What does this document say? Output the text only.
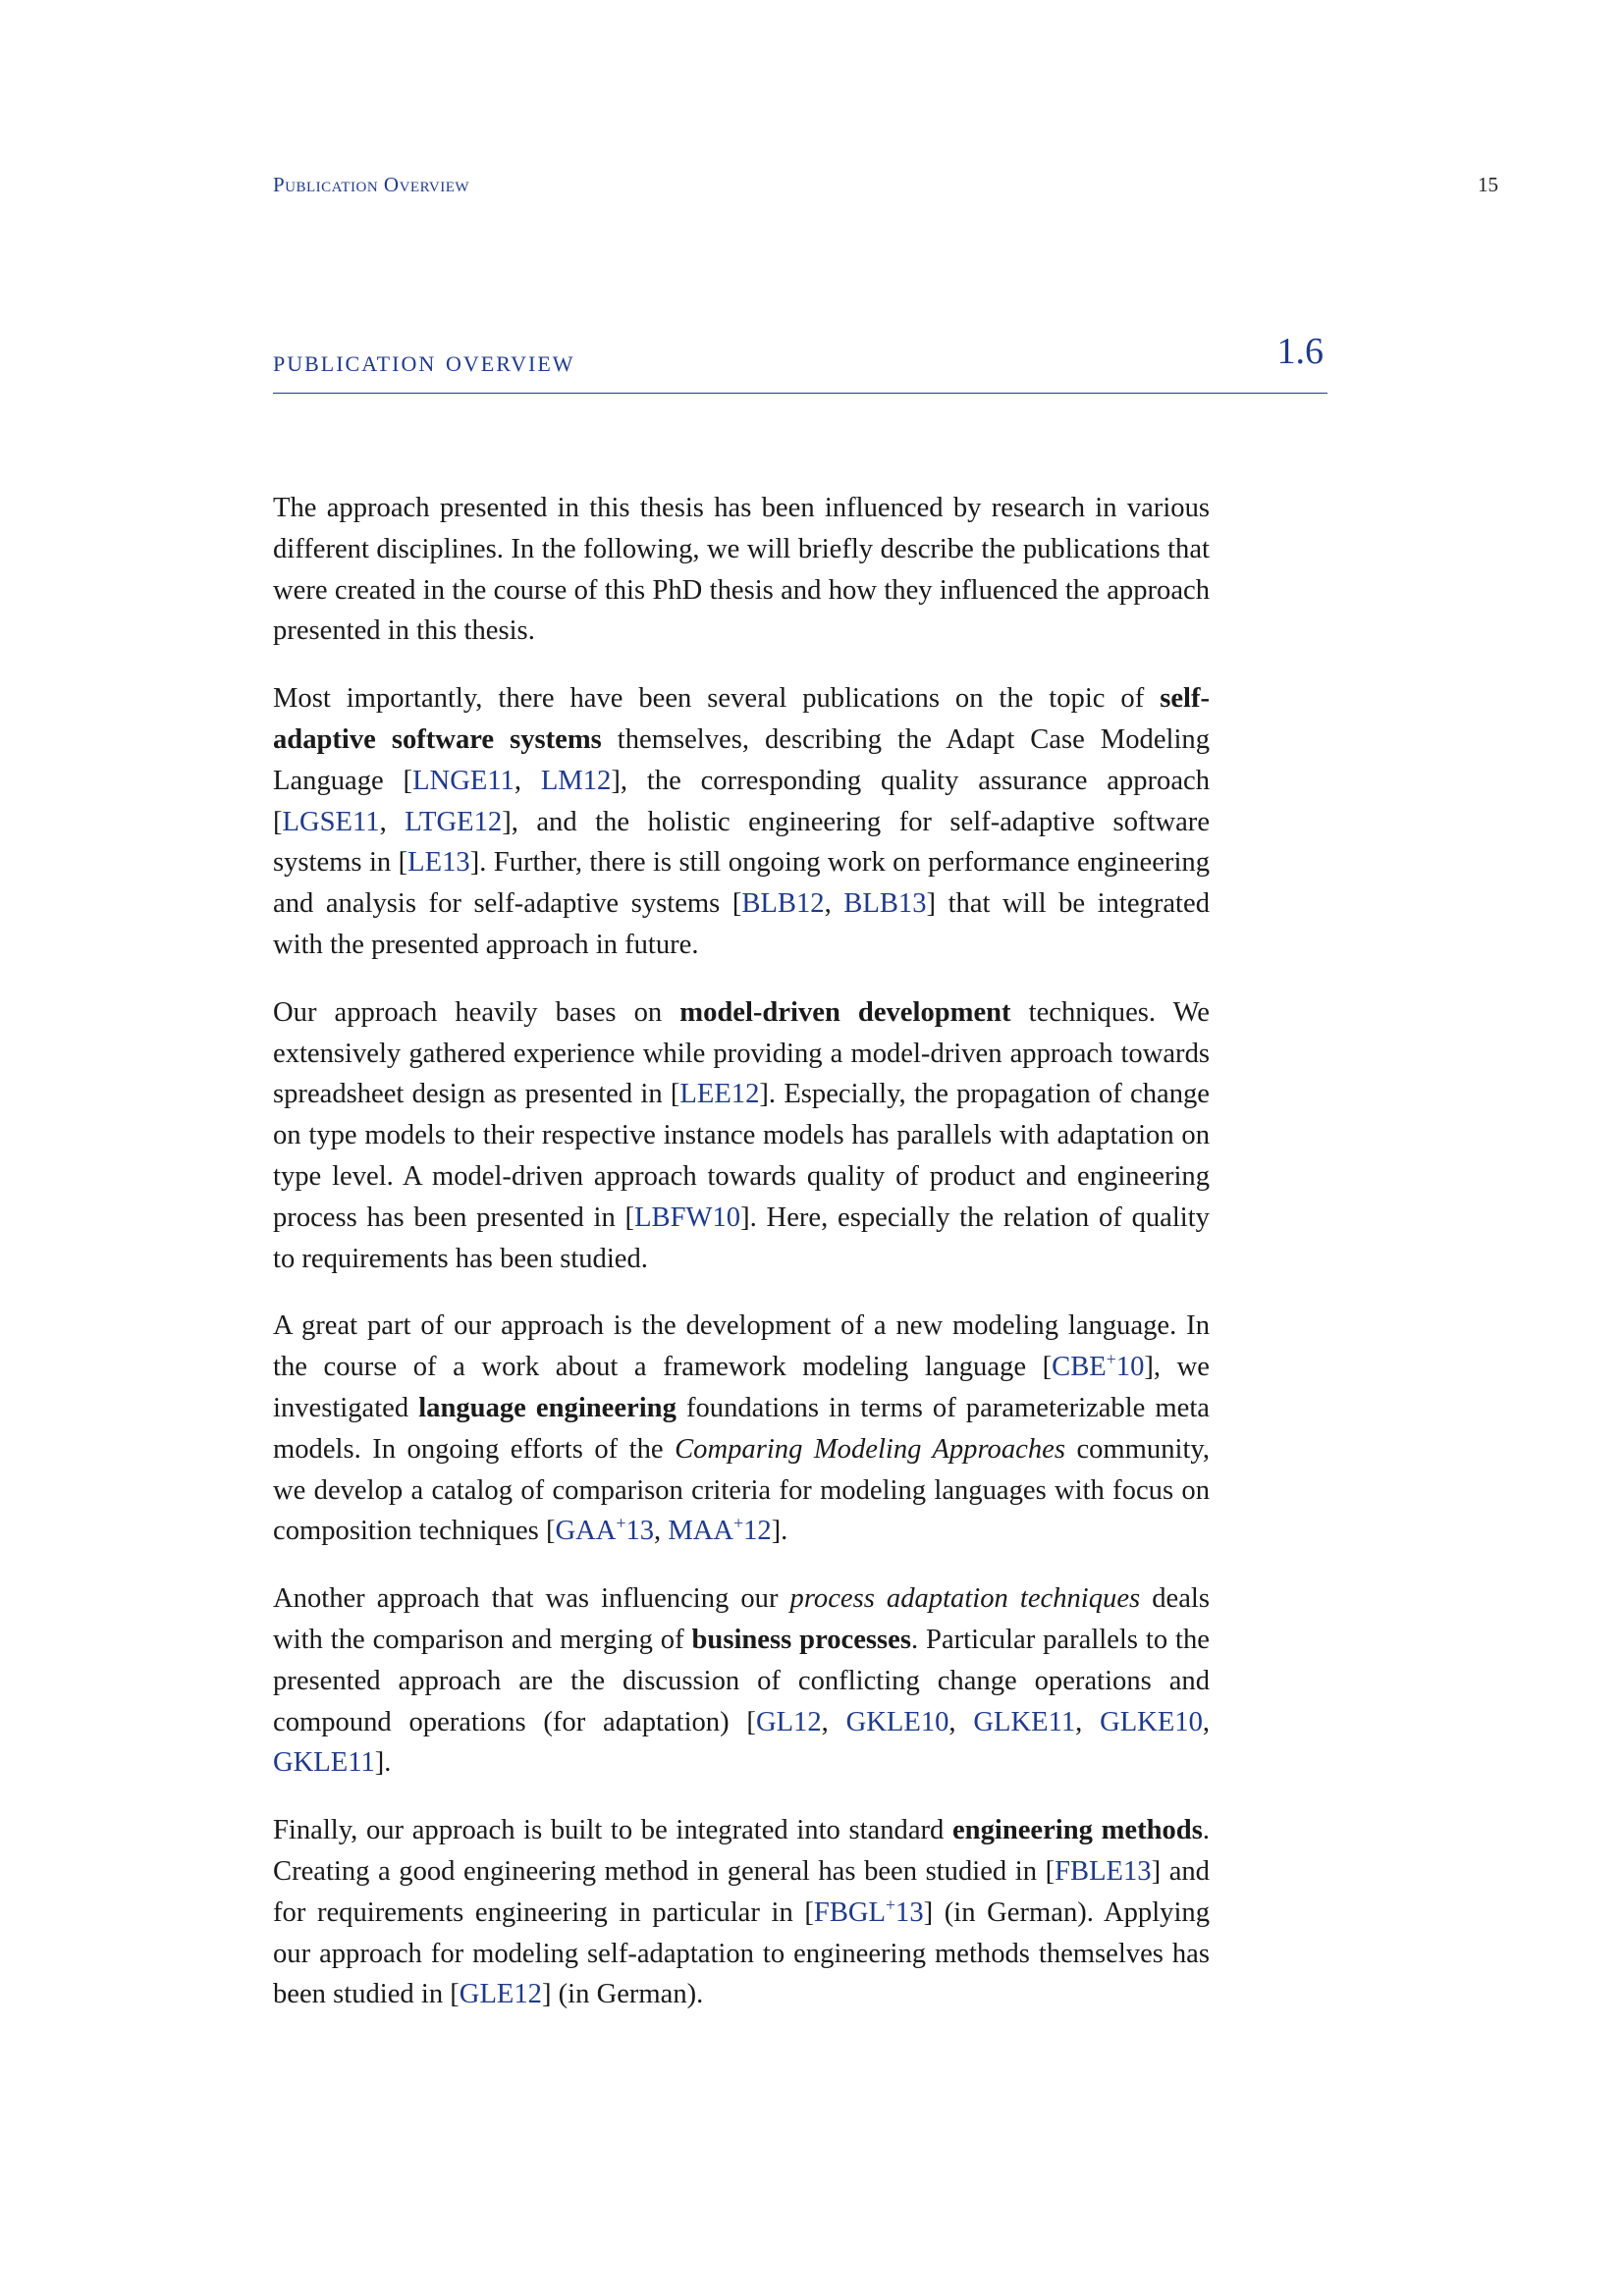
Publication Overview	15
publication overview	1.6

The approach presented in this thesis has been influenced by research in various different disciplines. In the following, we will briefly describe the publications that were created in the course of this PhD thesis and how they influenced the approach presented in this thesis.

Most importantly, there have been several publications on the topic of self-adaptive software systems themselves, describing the Adapt Case Modeling Language [LNGE11, LM12], the corresponding quality assurance approach [LGSE11, LTGE12], and the holistic engineering for self-adaptive software systems in [LE13]. Further, there is still ongoing work on performance engineering and analysis for self-adaptive systems [BLB12, BLB13] that will be integrated with the presented approach in future.

Our approach heavily bases on model-driven development techniques. We extensively gathered experience while providing a model-driven approach towards spreadsheet design as presented in [LEE12]. Especially, the propagation of change on type models to their respective instance models has parallels with adaptation on type level. A model-driven approach towards quality of product and engineering process has been presented in [LBFW10]. Here, especially the relation of quality to requirements has been studied.

A great part of our approach is the development of a new modeling language. In the course of a work about a framework modeling language [CBE+10], we investigated language engineering foundations in terms of parameterizable meta models. In ongoing efforts of the Comparing Modeling Approaches community, we develop a catalog of comparison criteria for modeling languages with focus on composition techniques [GAA+13, MAA+12].

Another approach that was influencing our process adaptation techniques deals with the comparison and merging of business processes. Particular parallels to the presented approach are the discussion of conflicting change operations and compound operations (for adaptation) [GL12, GKLE10, GLKE11, GLKE10, GKLE11].

Finally, our approach is built to be integrated into standard engineering methods. Creating a good engineering method in general has been studied in [FBLE13] and for requirements engineering in particular in [FBGL+13] (in German). Applying our approach for modeling self-adaptation to engineering methods themselves has been studied in [GLE12] (in German).
